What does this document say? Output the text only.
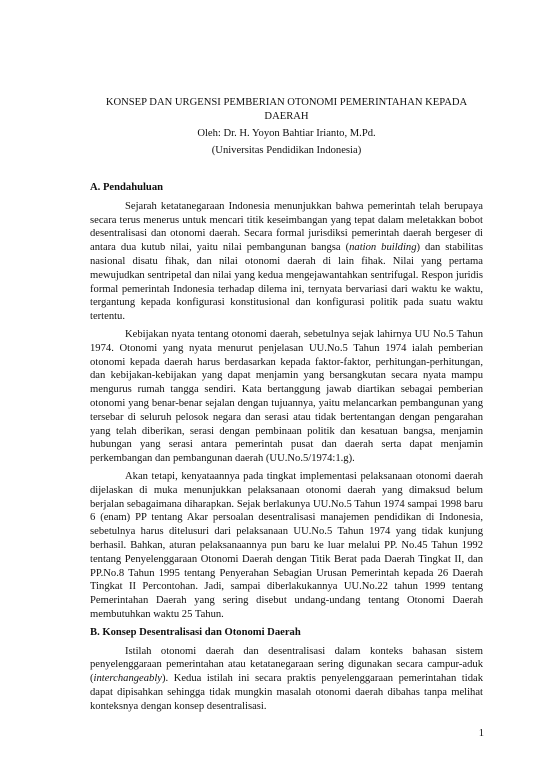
KONSEP DAN URGENSI PEMBERIAN OTONOMI PEMERINTAHAN KEPADA DAERAH
Oleh: Dr. H. Yoyon Bahtiar Irianto, M.Pd.
(Universitas Pendidikan Indonesia)
A. Pendahuluan

Sejarah ketatanegaraan Indonesia menunjukkan bahwa pemerintah telah berupaya secara terus menerus untuk mencari titik keseimbangan yang tepat dalam meletakkan bobot desentralisasi dan otonomi daerah. Secara formal jurisdiksi pemerintah daerah bergeser di antara dua kutub nilai, yaitu nilai pembangunan bangsa (nation building) dan stabilitas nasional disatu fihak, dan nilai otonomi daerah di lain fihak. Nilai yang pertama mewujudkan sentripetal dan nilai yang kedua mengejawantahkan sentrifugal. Respon juridis formal pemerintah Indonesia terhadap dilema ini, ternyata bervariasi dari waktu ke waktu, tergantung kepada konfigurasi konstitusional dan konfigurasi politik pada suatu waktu tertentu.

Kebijakan nyata tentang otonomi daerah, sebetulnya sejak lahirnya UU No.5 Tahun 1974. Otonomi yang nyata menurut penjelasan UU.No.5 Tahun 1974 ialah pemberian otonomi kepada daerah harus berdasarkan kepada faktor-faktor, perhitungan-perhitungan, dan kebijakan-kebijakan yang dapat menjamin yang bersangkutan secara nyata mampu mengurus rumah tangga sendiri. Kata bertanggung jawab diartikan sebagai pemberian otonomi yang benar-benar sejalan dengan tujuannya, yaitu melancarkan pembangunan yang tersebar di seluruh pelosok negara dan serasi atau tidak bertentangan dengan pengarahan yang telah diberikan, serasi dengan pembinaan politik dan kesatuan bangsa, menjamin hubungan yang serasi antara pemerintah pusat dan daerah serta dapat menjamin perkembangan dan pembangunan daerah (UU.No.5/1974:1.g).

Akan tetapi, kenyataannya pada tingkat implementasi pelaksanaan otonomi daerah dijelaskan di muka menunjukkan pelaksanaan otonomi daerah yang dimaksud belum berjalan sebagaimana diharapkan. Sejak berlakunya UU.No.5 Tahun 1974 sampai 1998 baru 6 (enam) PP tentang Akar persoalan desentralisasi manajemen pendidikan di Indonesia, sebetulnya harus ditelusuri dari pelaksanaan UU.No.5 Tahun 1974 yang tidak kunjung berhasil. Bahkan, aturan pelaksanaannya pun baru ke luar melalui PP. No.45 Tahun 1992 tentang Penyelenggaraan Otonomi Daerah dengan Titik Berat pada Daerah Tingkat II, dan PP.No.8 Tahun 1995 tentang Penyerahan Sebagian Urusan Pemerintah kepada 26 Daerah Tingkat II Percontohan. Jadi, sampai diberlakukannya UU.No.22 tahun 1999 tentang Pemerintahan Daerah yang sering disebut undang-undang tentang Otonomi Daerah membutuhkan waktu 25 Tahun.

B. Konsep Desentralisasi dan Otonomi Daerah

Istilah otonomi daerah dan desentralisasi dalam konteks bahasan sistem penyelenggaraan pemerintahan atau ketatanegaraan sering digunakan secara campur-aduk (interchangeably). Kedua istilah ini secara praktis penyelenggaraan pemerintahan tidak dapat dipisahkan sehingga tidak mungkin masalah otonomi daerah dibahas tanpa melihat konteksnya dengan konsep desentralisasi.

1
